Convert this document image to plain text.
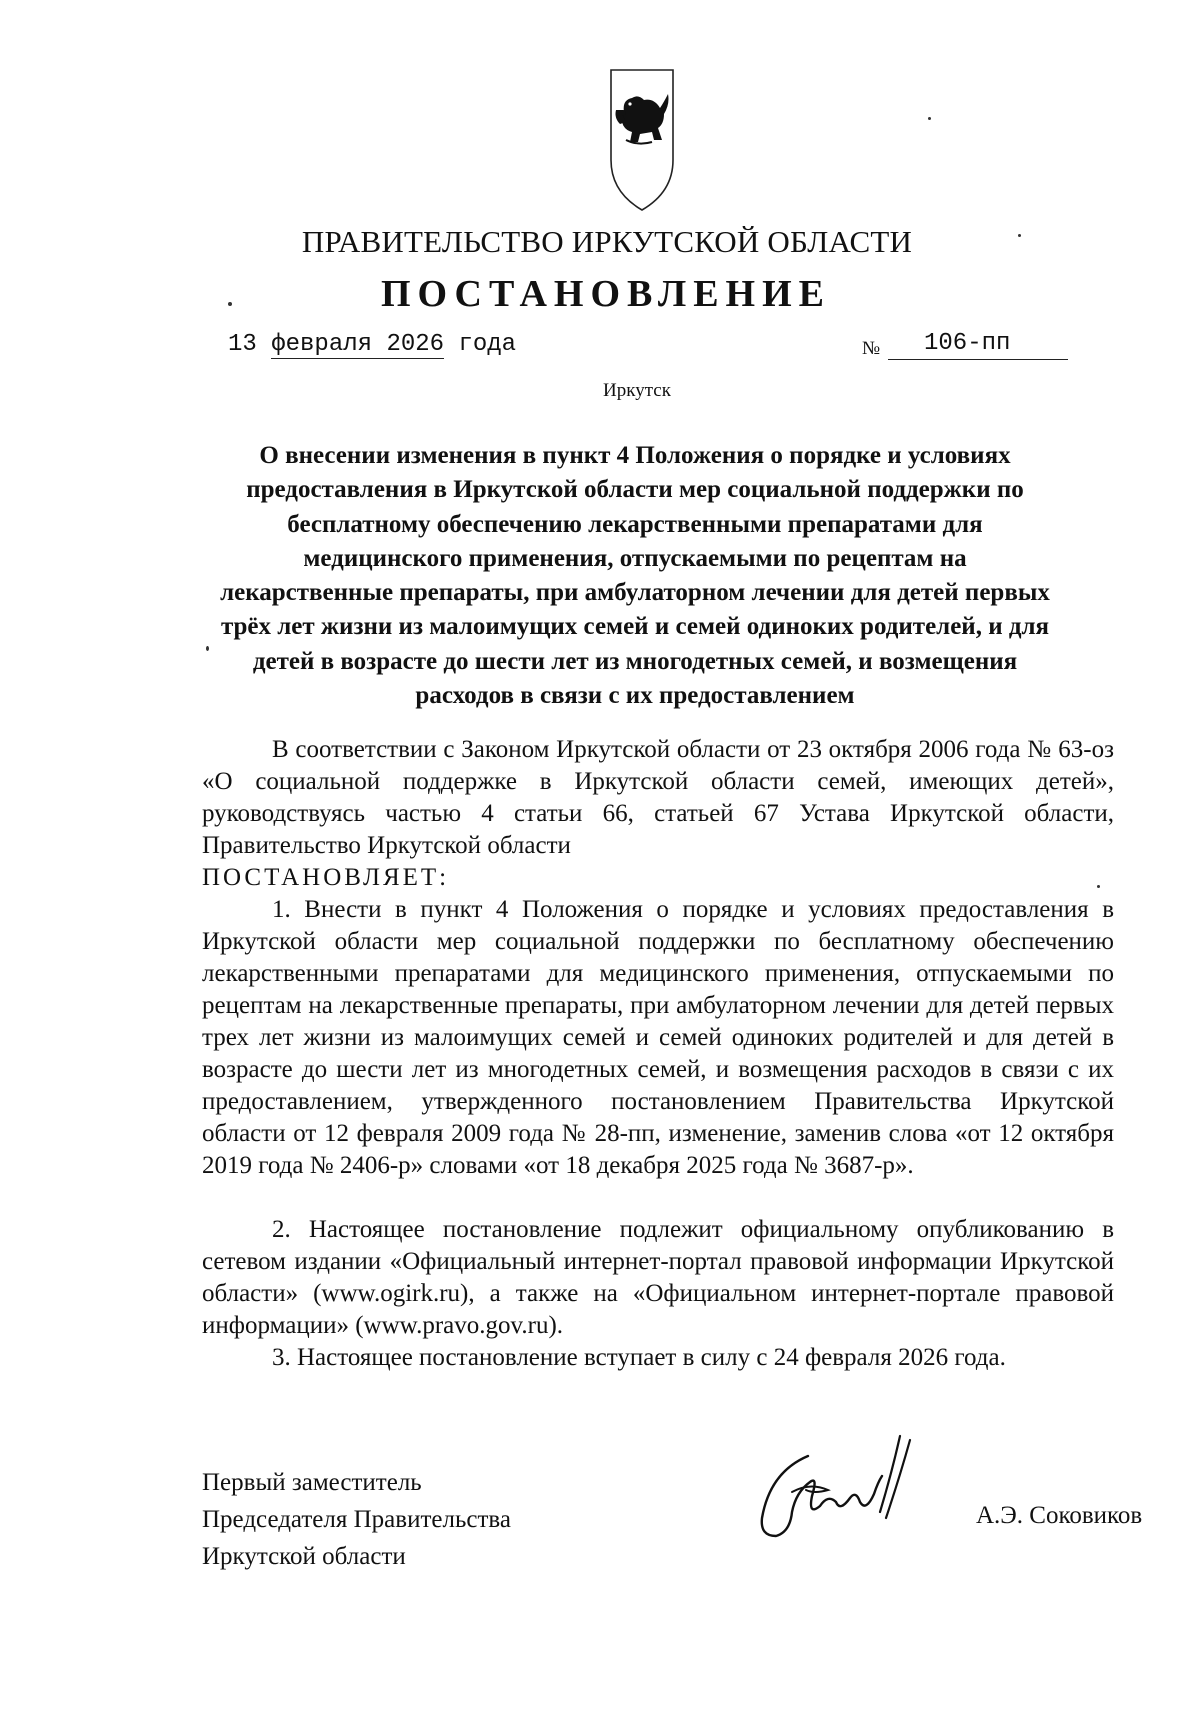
ПРАВИТЕЛЬСТВО ИРКУТСКОЙ ОБЛАСТИ
ПОСТАНОВЛЕНИЕ
13 февраля 2026 года	№	106-пп
Иркутск
О внесении изменения в пункт 4 Положения о порядке и условиях
предоставления в Иркутской области мер социальной поддержки по
бесплатному обеспечению лекарственными препаратами для
медицинского применения, отпускаемыми по рецептам на
лекарственные препараты, при амбулаторном лечении для детей первых
трёх лет жизни из малоимущих семей и семей одиноких родителей, и для
детей в возрасте до шести лет из многодетных семей, и возмещения
расходов в связи с их предоставлением

В соответствии с Законом Иркутской области от 23 октября 2006 года № 63-оз «О социальной поддержке в Иркутской области семей, имеющих детей», руководствуясь частью 4 статьи 66, статьей 67 Устава Иркутской области, Правительство Иркутской области

ПОСТАНОВЛЯЕТ:

1. Внести в пункт 4 Положения о порядке и условиях предоставления в Иркутской области мер социальной поддержки по бесплатному обеспечению лекарственными препаратами для медицинского применения, отпускаемыми по рецептам на лекарственные препараты, при амбулаторном лечении для детей первых трех лет жизни из малоимущих семей и семей одиноких родителей и для детей в возрасте до шести лет из многодетных семей, и возмещения расходов в связи с их предоставлением, утвержденного постановлением Правительства Иркутской области от 12 февраля 2009 года № 28-пп, изменение, заменив слова «от 12 октября 2019 года № 2406-р» словами «от 18 декабря 2025 года № 3687-р».

2. Настоящее постановление подлежит официальному опубликованию в сетевом издании «Официальный интернет-портал правовой информации Иркутской области» (www.ogirk.ru), а также на «Официальном интернет-портале правовой информации» (www.pravo.gov.ru).

3. Настоящее постановление вступает в силу с 24 февраля 2026 года.

Первый заместитель
Председателя Правительства
Иркутской области
А.Э. Соковиков
